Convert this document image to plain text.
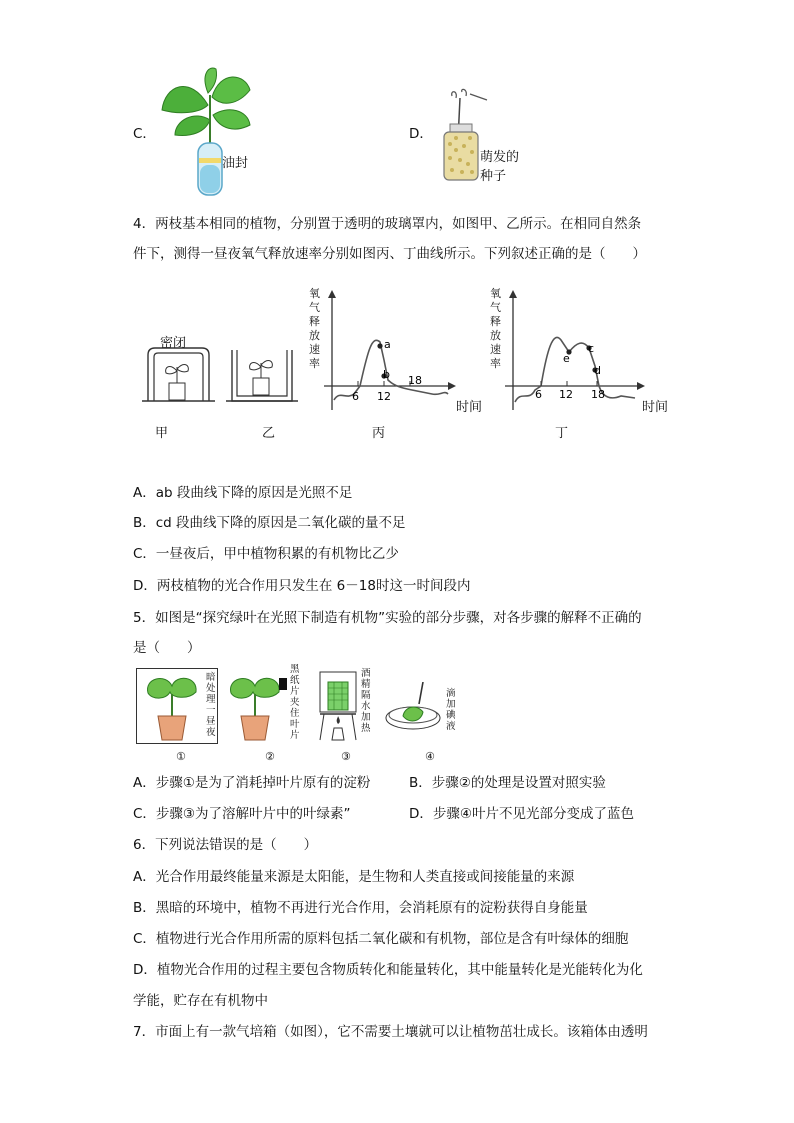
C．
油封
D．
萌发的
种子
4．两枝基本相同的植物，分别置于透明的玻璃罩内，如图甲、乙所示。在相同自然条
件下，测得一昼夜氧气释放速率分别如图丙、丁曲线所示。下列叙述正确的是（　　）
密闭
甲	乙
氧
气
释
放
速
率
a
b
6 12
18
时间
丙
氧
气
释
放
速
率	e
c
d
6 12 18
时间
丁
A．ab 段曲线下降的原因是光照不足
B．cd 段曲线下降的原因是二氧化碳的量不足
C．一昼夜后，甲中植物积累的有机物比乙少
D．两枝植物的光合作用只发生在 6－18时这一时间段内
5．如图是“探究绿叶在光照下制造有机物”实验的部分步骤，对各步骤的解释不正确的
是（　　）
暗
处
理
一
昼
夜
黑
纸
片
夹
住
叶
片
酒
精
隔
水
加
热
滴
加
碘
液
①	②	③	④
A．步骤①是为了消耗掉叶片原有的淀粉	B．步骤②的处理是设置对照实验
C．步骤③为了溶解叶片中的叶绿素”	D．步骤④叶片不见光部分变成了蓝色
6．下列说法错误的是（　　）
A．光合作用最终能量来源是太阳能，是生物和人类直接或间接能量的来源
B．黑暗的环境中，植物不再进行光合作用，会消耗原有的淀粉获得自身能量
C．植物进行光合作用所需的原料包括二氧化碳和有机物，部位是含有叶绿体的细胞
D．植物光合作用的过程主要包含物质转化和能量转化，其中能量转化是光能转化为化
学能，贮存在有机物中
7．市面上有一款气培箱（如图），它不需要土壤就可以让植物茁壮成长。该箱体由透明
